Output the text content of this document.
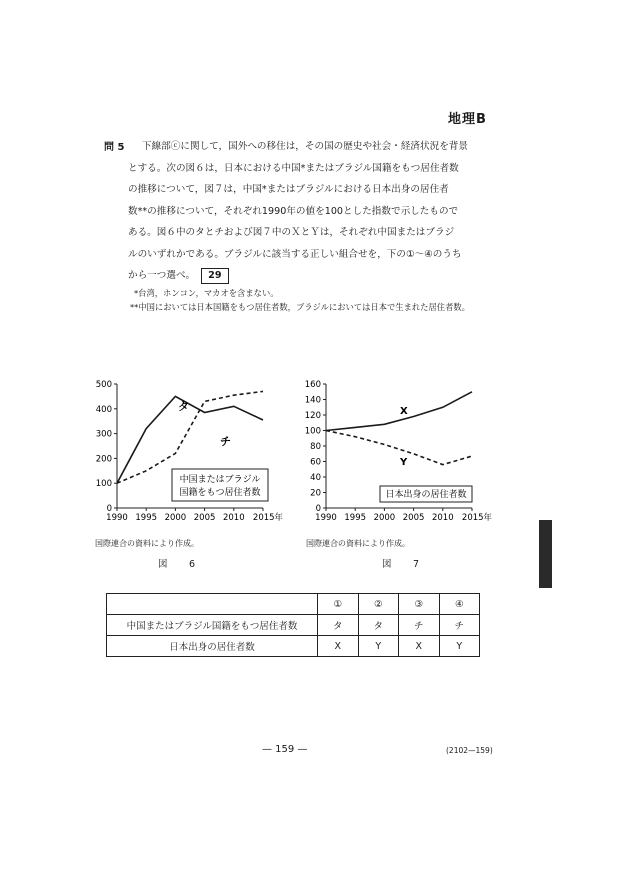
地理B
問 5 下線部ⓒに関して，国外への移住は，その国の歴史や社会・経済状況を背景
とする。次の図６は，日本における中国*またはブラジル国籍をもつ居住者数
の推移について，図７は，中国*またはブラジルにおける日本出身の居住者
数**の推移について，それぞれ1990年の値を100とした指数で示したもので
ある。図６中のタとチおよび図７中のＸとＹは，それぞれ中国またはブラジ
ルのいずれかである。ブラジルに該当する正しい組合せを，下の①～④のうち
から一つ選べ。 29
*台湾，ホンコン，マカオを含まない。
**中国においては日本国籍をもつ居住者数，ブラジルにおいては日本で生まれた居住者数。
0
100
200
300
400
500
1990 1995 2000 2005 2010 2015年
中国またはブラジル
国籍をもつ居住者数
タ
チ
国際連合の資料により作成。
図　6
0
20
40
60
80
100
120
140
160
1990 1995 2000 2005 2010 2015年
日本出身の居住者数
X
Y
国際連合の資料により作成。
図　7
	①	②	③	④
中国またはブラジル国籍をもつ居住者数	タ	タ	チ	チ
日本出身の居住者数	X	Y	X	Y
— 159 —	(2102—159)
